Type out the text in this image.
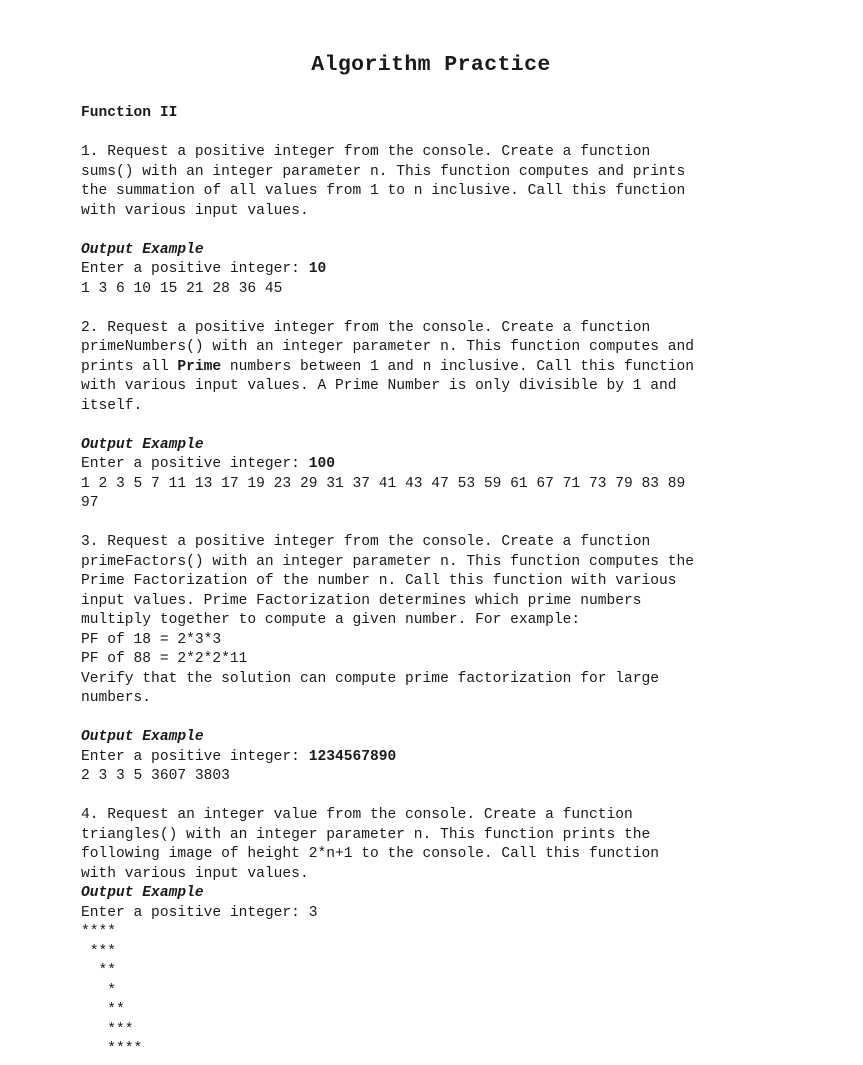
Algorithm Practice
Function II
1. Request a positive integer from the console. Create a function
sums() with an integer parameter n. This function computes and prints
the summation of all values from 1 to n inclusive. Call this function
with various input values.
Output Example
Enter a positive integer: 10
1 3 6 10 15 21 28 36 45
2. Request a positive integer from the console. Create a function
primeNumbers() with an integer parameter n. This function computes and
prints all Prime numbers between 1 and n inclusive. Call this function
with various input values. A Prime Number is only divisible by 1 and
itself.
Output Example
Enter a positive integer: 100
1 2 3 5 7 11 13 17 19 23 29 31 37 41 43 47 53 59 61 67 71 73 79 83 89
97
3. Request a positive integer from the console. Create a function
primeFactors() with an integer parameter n. This function computes the
Prime Factorization of the number n. Call this function with various
input values. Prime Factorization determines which prime numbers
multiply together to compute a given number. For example:
PF of 18 = 2*3*3
PF of 88 = 2*2*2*11
Verify that the solution can compute prime factorization for large
numbers.
Output Example
Enter a positive integer: 1234567890
2 3 3 5 3607 3803
4. Request an integer value from the console. Create a function
triangles() with an integer parameter n. This function prints the
following image of height 2*n+1 to the console. Call this function
with various input values.
Output Example
Enter a positive integer: 3
****
***
**
*
**
***
****
